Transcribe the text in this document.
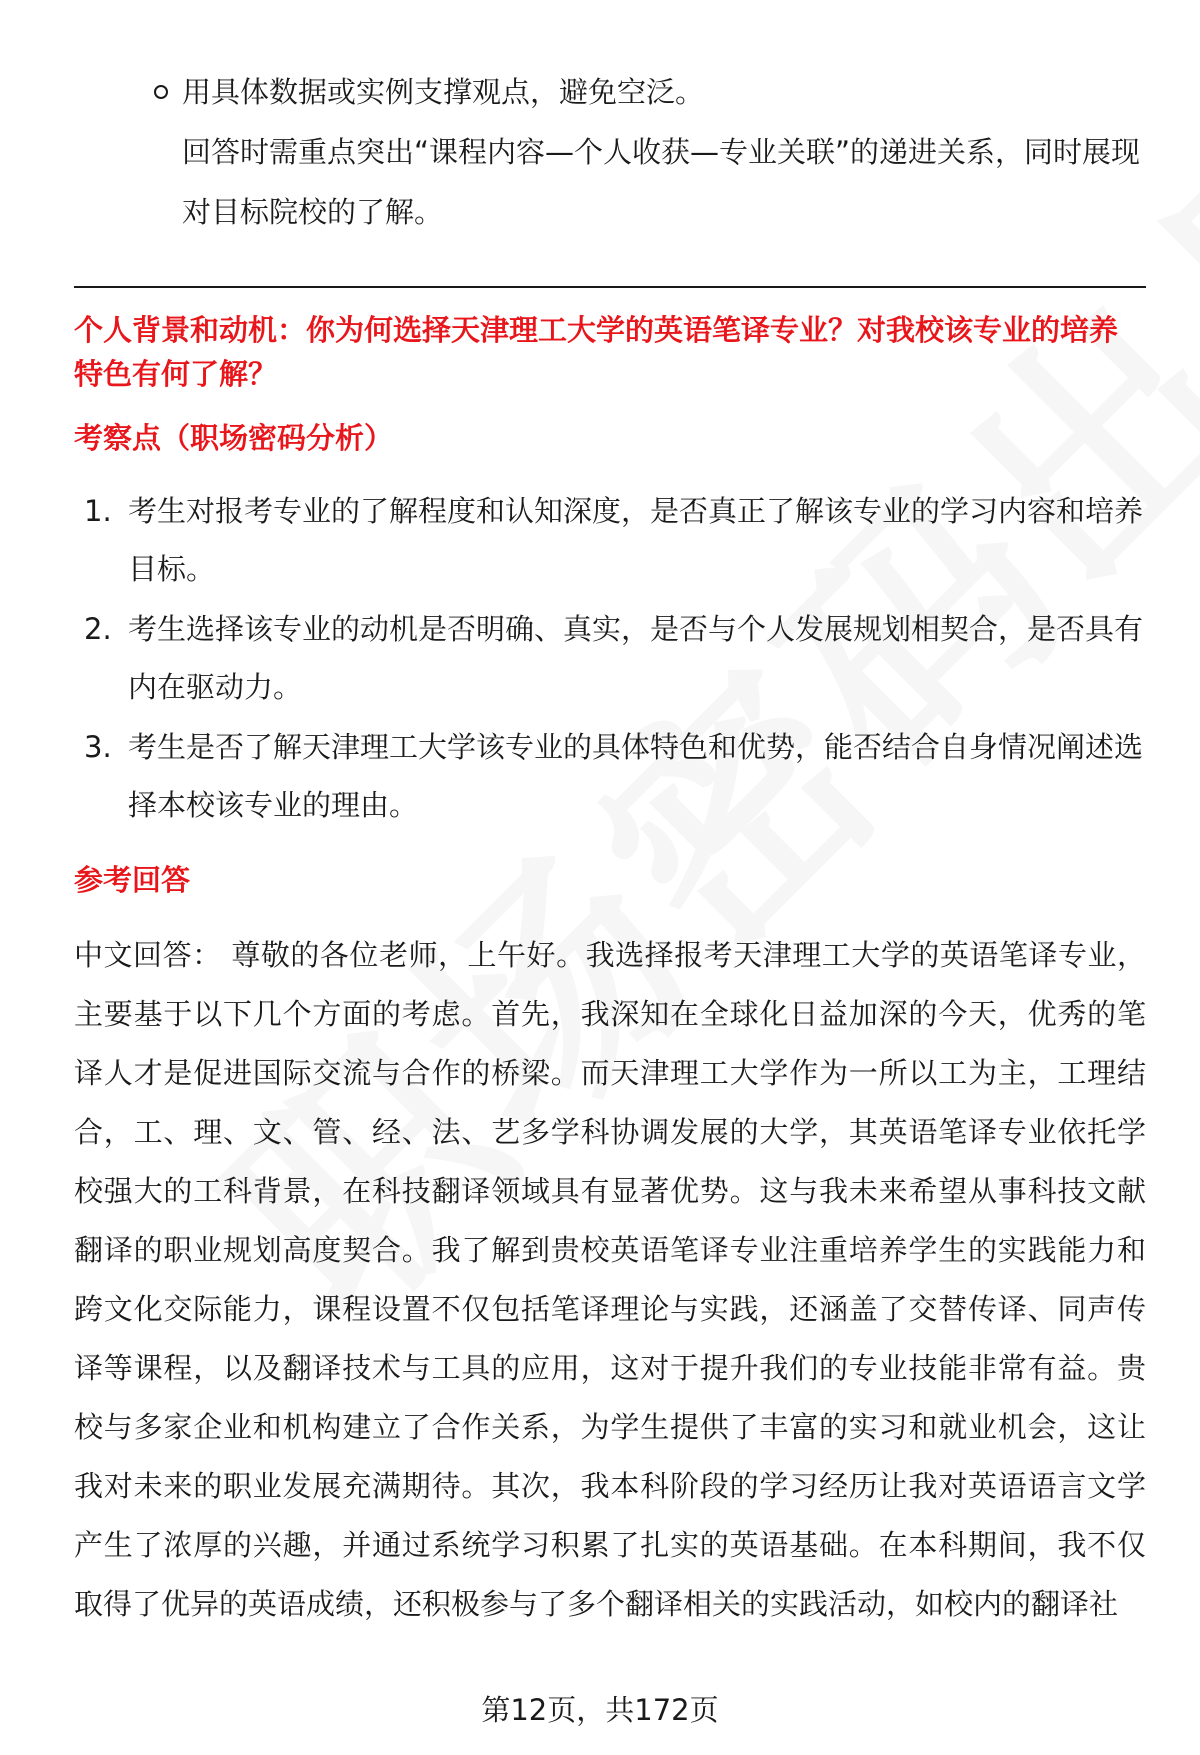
用具体数据或实例支撑观点，避免空泛。
回答时需重点突出“课程内容—个人收获—专业关联”的递进关系，同时展现对目标院校的了解。
个人背景和动机：你为何选择天津理工大学的英语笔译专业？对我校该专业的培养特色有何了解？
考察点（职场密码分析）
1. 考生对报考专业的了解程度和认知深度，是否真正了解该专业的学习内容和培养目标。
2. 考生选择该专业的动机是否明确、真实，是否与个人发展规划相契合，是否具有内在驱动力。
3. 考生是否了解天津理工大学该专业的具体特色和优势，能否结合自身情况阐述选择本校该专业的理由。
参考回答
中文回答： 尊敬的各位老师，上午好。我选择报考天津理工大学的英语笔译专业，主要基于以下几个方面的考虑。首先，我深知在全球化日益加深的今天，优秀的笔译人才是促进国际交流与合作的桥梁。而天津理工大学作为一所以工为主，工理结合，工、理、文、管、经、法、艺多学科协调发展的大学，其英语笔译专业依托学校强大的工科背景，在科技翻译领域具有显著优势。这与我未来希望从事科技文献翻译的职业规划高度契合。我了解到贵校英语笔译专业注重培养学生的实践能力和跨文化交际能力，课程设置不仅包括笔译理论与实践，还涵盖了交替传译、同声传译等课程，以及翻译技术与工具的应用，这对于提升我们的专业技能非常有益。贵校与多家企业和机构建立了合作关系，为学生提供了丰富的实习和就业机会，这让我对未来的职业发展充满期待。其次，我本科阶段的学习经历让我对英语语言文学产生了浓厚的兴趣，并通过系统学习积累了扎实的英语基础。在本科期间，我不仅取得了优异的英语成绩，还积极参与了多个翻译相关的实践活动，如校内的翻译社
第12页，共172页
